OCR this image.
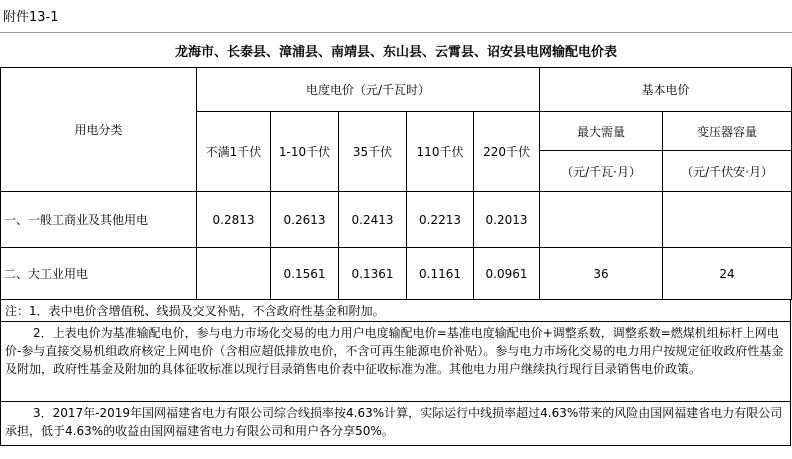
附件13-1
龙海市、长泰县、漳浦县、南靖县、东山县、云霄县、诏安县电网输配电价表
用电分类	电度电价（元/千瓦时）					基本电价	
	不满1千伏	1-10千伏	35千伏	110千伏	220千伏	最大需量	变压器容量
						（元/千瓦·月）	（元/千伏安·月）
一、一般工商业及其他用电	0.2813	0.2613	0.2413	0.2213	0.2013		
二、大工业用电		0.1561	0.1361	0.1161	0.0961	36	24
注：1．表中电价含增值税、线损及交叉补贴，不含政府性基金和附加。
2．上表电价为基准输配电价，参与电力市场化交易的电力用户电度输配电价=基准电度输配电价+调整系数，调整系数=燃煤机组标杆上网电价-参与直接交易机组政府核定上网电价（含相应超低排放电价，不含可再生能源电价补贴）。参与电力市场化交易的电力用户按规定征收政府性基金及附加，政府性基金及附加的具体征收标准以现行目录销售电价表中征收标准为准。其他电力用户继续执行现行目录销售电价政策。
3．2017年-2019年国网福建省电力有限公司综合线损率按4.63%计算，实际运行中线损率超过4.63%带来的风险由国网福建省电力有限公司承担，低于4.63%的收益由国网福建省电力有限公司和用户各分享50%。
